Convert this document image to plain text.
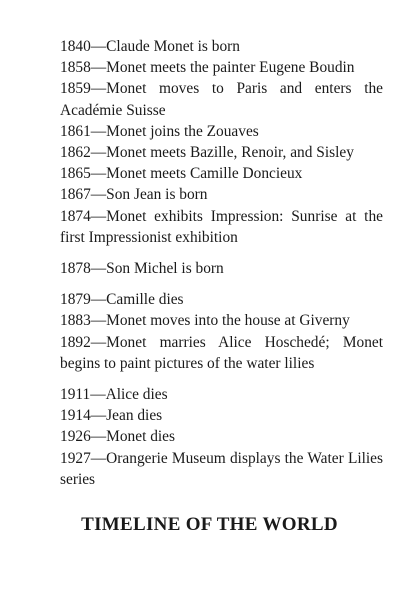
1840—Claude Monet is born

1858—Monet meets the painter Eugene Boudin

1859—Monet moves to Paris and enters the Académie Suisse

1861—Monet joins the Zouaves

1862—Monet meets Bazille, Renoir, and Sisley

1865—Monet meets Camille Doncieux

1867—Son Jean is born

1874—Monet exhibits Impression: Sunrise at the first Impressionist exhibition

1878—Son Michel is born

1879—Camille dies

1883—Monet moves into the house at Giverny

1892—Monet marries Alice Hoschedé; Monet begins to paint pictures of the water lilies

1911—Alice dies

1914—Jean dies

1926—Monet dies

1927—Orangerie Museum displays the Water Lilies series

TIMELINE OF THE WORLD
